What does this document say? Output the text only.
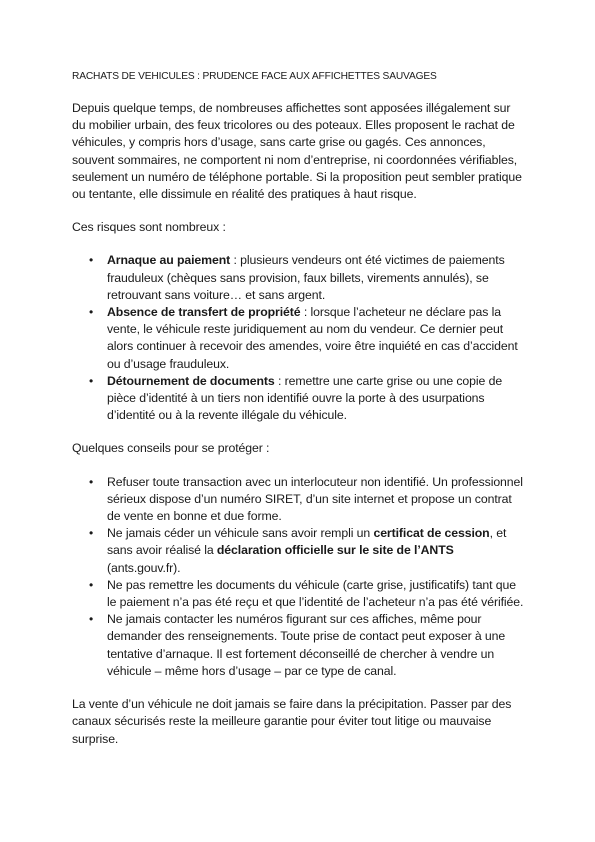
RACHATS DE VEHICULES : PRUDENCE FACE AUX AFFICHETTES SAUVAGES

Depuis quelque temps, de nombreuses affichettes sont apposées illégalement sur du mobilier urbain, des feux tricolores ou des poteaux. Elles proposent le rachat de véhicules, y compris hors d’usage, sans carte grise ou gagés. Ces annonces, souvent sommaires, ne comportent ni nom d’entreprise, ni coordonnées vérifiables, seulement un numéro de téléphone portable. Si la proposition peut sembler pratique ou tentante, elle dissimule en réalité des pratiques à haut risque.

Ces risques sont nombreux :

• Arnaque au paiement : plusieurs vendeurs ont été victimes de paiements frauduleux (chèques sans provision, faux billets, virements annulés), se retrouvant sans voiture… et sans argent.
• Absence de transfert de propriété : lorsque l’acheteur ne déclare pas la vente, le véhicule reste juridiquement au nom du vendeur. Ce dernier peut alors continuer à recevoir des amendes, voire être inquiété en cas d’accident ou d’usage frauduleux.
• Détournement de documents : remettre une carte grise ou une copie de pièce d’identité à un tiers non identifié ouvre la porte à des usurpations d’identité ou à la revente illégale du véhicule.

Quelques conseils pour se protéger :

• Refuser toute transaction avec un interlocuteur non identifié. Un professionnel sérieux dispose d’un numéro SIRET, d’un site internet et propose un contrat de vente en bonne et due forme.
• Ne jamais céder un véhicule sans avoir rempli un certificat de cession, et sans avoir réalisé la déclaration officielle sur le site de l’ANTS (ants.gouv.fr).
• Ne pas remettre les documents du véhicule (carte grise, justificatifs) tant que le paiement n’a pas été reçu et que l’identité de l’acheteur n’a pas été vérifiée.
• Ne jamais contacter les numéros figurant sur ces affiches, même pour demander des renseignements. Toute prise de contact peut exposer à une tentative d’arnaque. Il est fortement déconseillé de chercher à vendre un véhicule – même hors d’usage – par ce type de canal.

La vente d’un véhicule ne doit jamais se faire dans la précipitation. Passer par des canaux sécurisés reste la meilleure garantie pour éviter tout litige ou mauvaise surprise.
